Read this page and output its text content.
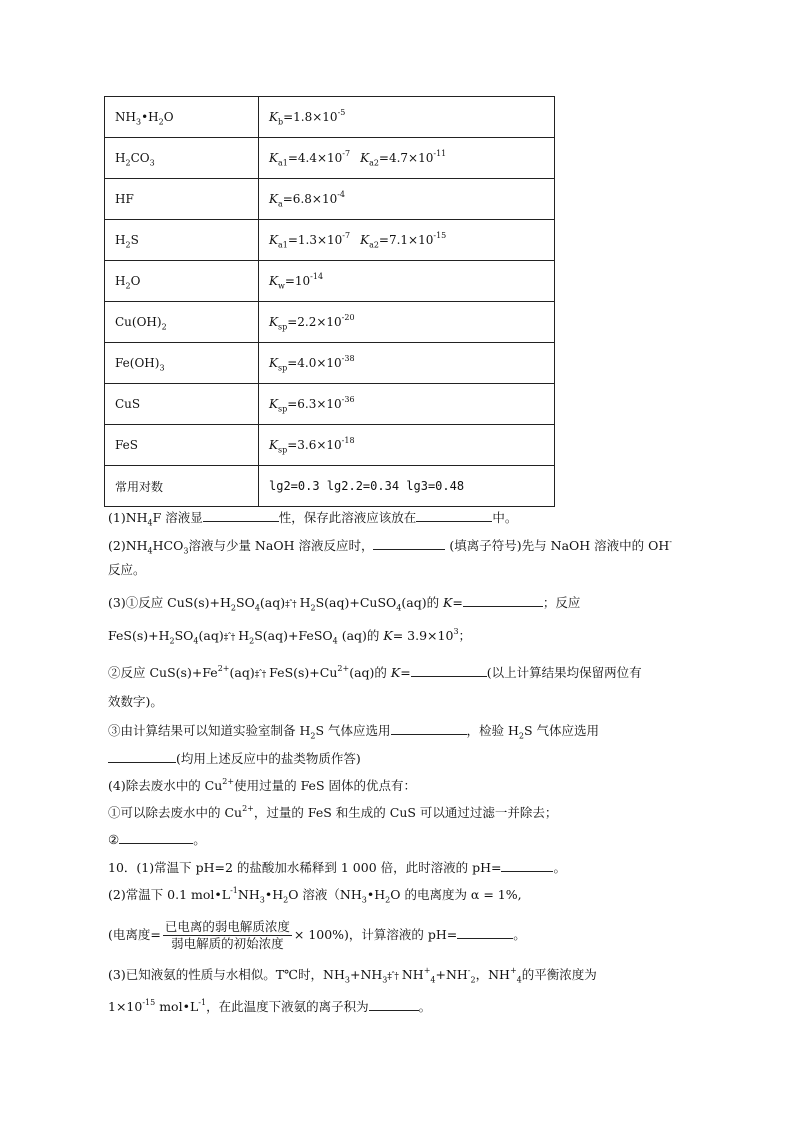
$NH_3•H_2O$	$K_b=1.8\times 10^{-5}$
$H_2CO_3$	$K_{a1}=4.4\times 10^{-7}$ $K_{a2}=4.7\times 10^{-11}$
HF	$K_a=6.8\times 10^{-4}$
$H_2S$	$K_{a1}=1.3\times 10^{-7}$ $K_{a2}=7.1\times 10^{-15}$
$H_2O$	$K_w=10^{-14}$
$Cu(OH)_2$	$K_{sp}=2.2\times 10^{-20}$
$Fe(OH)_3$	$K_{sp}=4.0\times 10^{-38}$
CuS	$K_{sp}=6.3\times 10^{-36}$
FeS	$K_{sp}=3.6\times 10^{-18}$
常用对数	lg2=0.3 lg2.2=0.34 lg3=0.48
$(1)NH_4F$ 溶液显	性，保存此溶液应该放在	中。
$(2)NH_4HCO_3$溶液与少量 NaOH 溶液反应时，	(填离子符号)先与 NaOH 溶液中的 OH-
反应。
(3)①反应 $CuS(s)+H_2SO_4(aq)\ddagger ˆ\dagger$ $H_2S(aq)+CuSO_4(aq)$的 K=	；反应
$FeS(s)+H_2SO_4(aq)\ddagger ˆ\dagger$ $H_2S(aq)+FeSO_4$ (aq)的 $K= 3.9\times 10^3$；
②反应 $CuS(s)+Fe^{2+}(aq)\ddagger ˆ\dagger$ $FeS(s)+Cu^{2+}(aq)$的 K=	(以上计算结果均保留两位有
效数字)。
③由计算结果可以知道实验室制备 $H_2S$ 气体应选用	，检验 $H_2S$ 气体应选用
(均用上述反应中的盐类物质作答)
(4)除去废水中的 $Cu^{2+}$使用过量的 FeS 固体的优点有：
①可以除去废水中的 $Cu^{2+}$，过量的 FeS 和生成的 CuS 可以通过过滤一并除去；
②	。
10．(1)常温下 pH=2 的盐酸加水稀释到 1 000 倍，此时溶液的 pH=	。
(2)常温下 0.1 $mol•L^{-1}NH_3•H_2O$ 溶液（$NH_3•H_2O$ 的电离度为 α = 1%,
(电离度= $\frac{\text{已电离的弱电解质浓度}}{\text{弱电解质的初始浓度}} \times 100\%$)，计算溶液的 pH=	。
(3)已知液氨的性质与水相似。T℃时，$NH_3+NH_3\ddagger ˆ\dagger$ $NH^+_4+NH^-_2$，$NH^+_4$的平衡浓度为
$1\times 10^{-15}$ $mol•L^{-1}$，在此温度下液氨的离子积为	。
